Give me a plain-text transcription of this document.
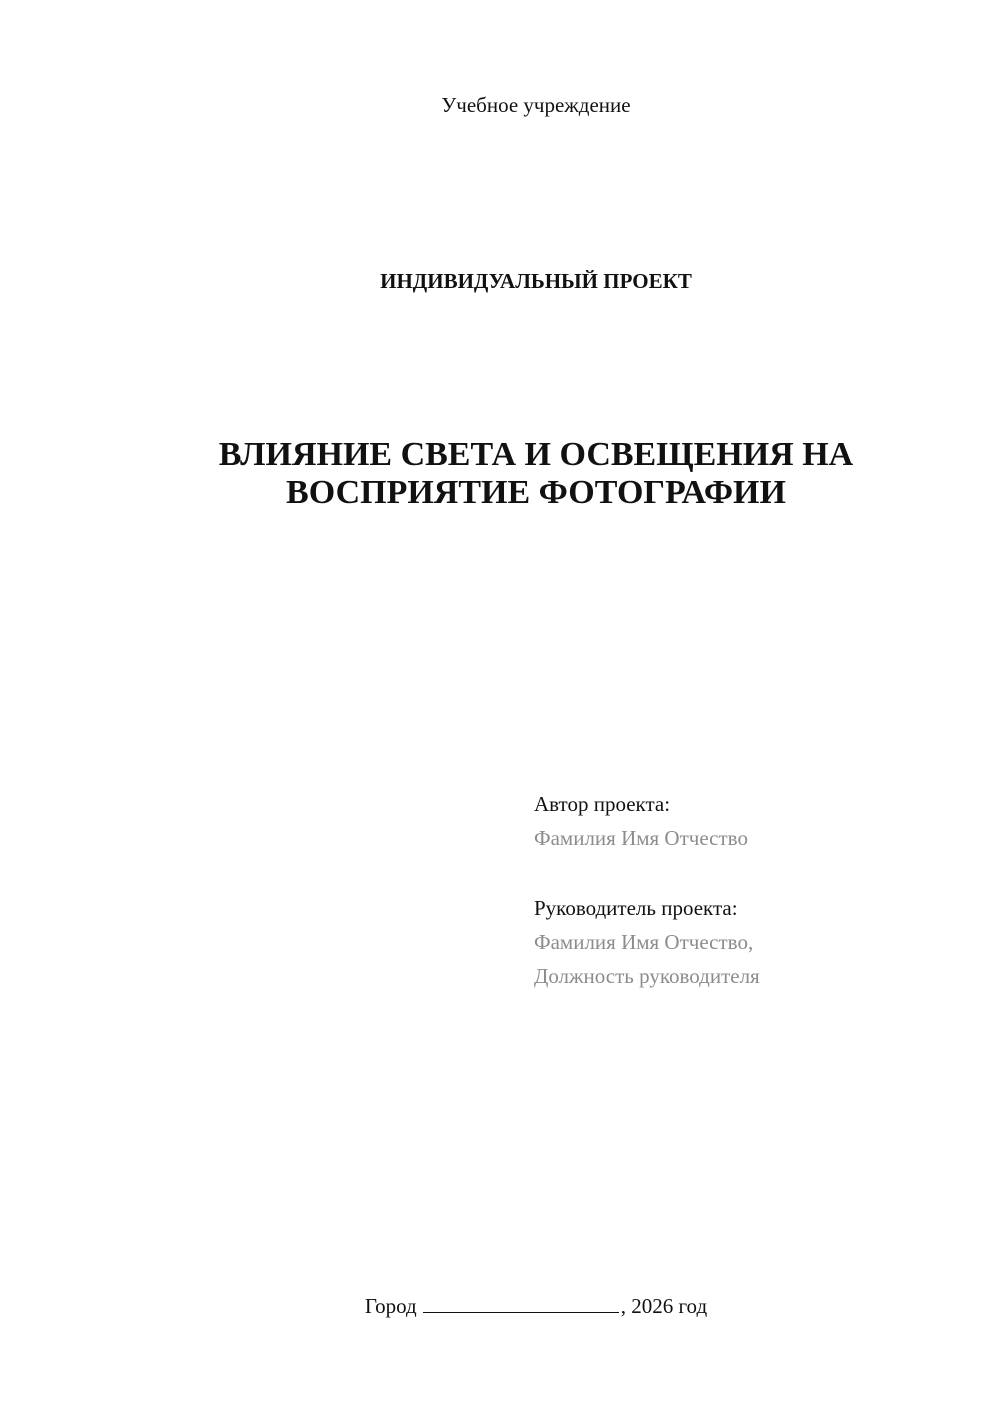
Учебное учреждение
ИНДИВИДУАЛЬНЫЙ ПРОЕКТ
ВЛИЯНИЕ СВЕТА И ОСВЕЩЕНИЯ НА
ВОСПРИЯТИЕ ФОТОГРАФИИ
Автор проекта:
Фамилия Имя Отчество
Руководитель проекта:
Фамилия Имя Отчество,
Должность руководителя
Город	, 2026 год
